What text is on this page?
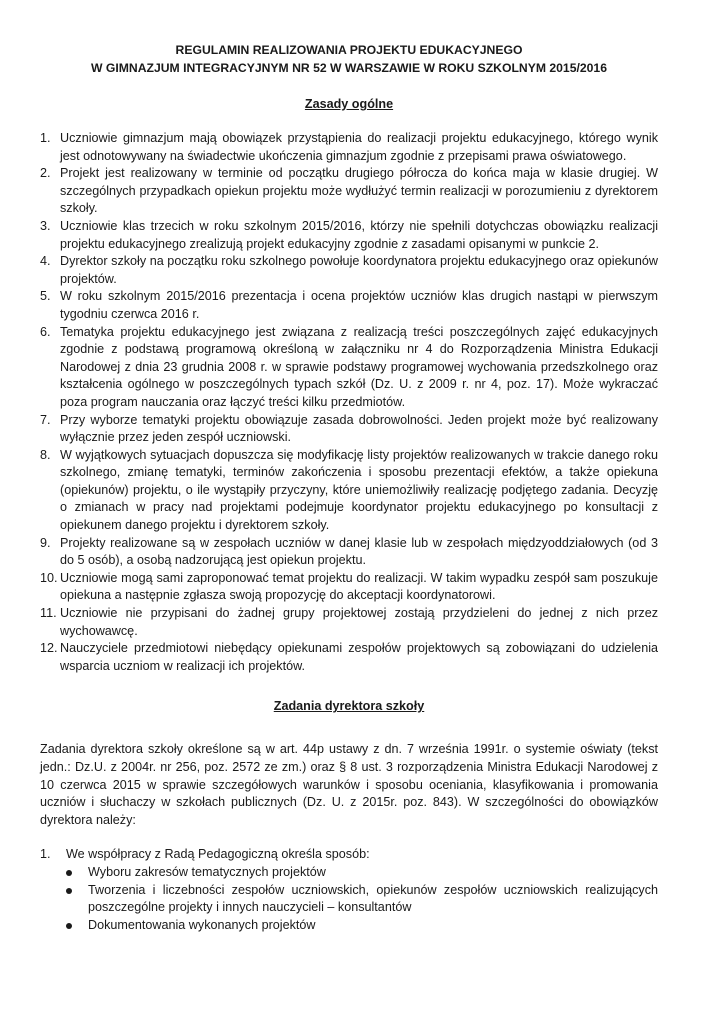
REGULAMIN REALIZOWANIA PROJEKTU EDUKACYJNEGO

W GIMNAZJUM INTEGRACYJNYM NR 52 W WARSZAWIE W ROKU SZKOLNYM 2015/2016

Zasady ogólne

1. Uczniowie gimnazjum mają obowiązek przystąpienia do realizacji projektu edukacyjnego, którego wynik jest odnotowywany na świadectwie ukończenia gimnazjum zgodnie z przepisami prawa oświatowego.
2. Projekt jest realizowany w terminie od początku drugiego półrocza do końca maja w klasie drugiej. W szczególnych przypadkach opiekun projektu może wydłużyć termin realizacji w porozumieniu z dyrektorem szkoły.
3. Uczniowie klas trzecich w roku szkolnym 2015/2016, którzy nie spełnili dotychczas obowiązku realizacji projektu edukacyjnego zrealizują projekt edukacyjny zgodnie z zasadami opisanymi w punkcie 2.
4. Dyrektor szkoły na początku roku szkolnego powołuje koordynatora projektu edukacyjnego oraz opiekunów projektów.
5. W roku szkolnym 2015/2016 prezentacja i ocena projektów uczniów klas drugich nastąpi w pierwszym tygodniu czerwca 2016 r.
6. Tematyka projektu edukacyjnego jest związana z realizacją treści poszczególnych zajęć edukacyjnych zgodnie z podstawą programową określoną w załączniku nr 4 do Rozporządzenia Ministra Edukacji Narodowej z dnia 23 grudnia 2008 r. w sprawie podstawy programowej wychowania przedszkolnego oraz kształcenia ogólnego w poszczególnych typach szkół (Dz. U. z 2009 r. nr 4, poz. 17). Może wykraczać poza program nauczania oraz łączyć treści kilku przedmiotów.
7. Przy wyborze tematyki projektu obowiązuje zasada dobrowolności. Jeden projekt może być realizowany wyłącznie przez jeden zespół uczniowski.
8. W wyjątkowych sytuacjach dopuszcza się modyfikację listy projektów realizowanych w trakcie danego roku szkolnego, zmianę tematyki, terminów zakończenia i sposobu prezentacji efektów, a także opiekuna (opiekunów) projektu, o ile wystąpiły przyczyny, które uniemożliwiły realizację podjętego zadania. Decyzję o zmianach w pracy nad projektami podejmuje koordynator projektu edukacyjnego po konsultacji z opiekunem danego projektu i dyrektorem szkoły.
9. Projekty realizowane są w zespołach uczniów w danej klasie lub w zespołach międzyoddziałowych (od 3 do 5 osób), a osobą nadzorującą jest opiekun projektu.
10. Uczniowie mogą sami zaproponować temat projektu do realizacji. W takim wypadku zespół sam poszukuje opiekuna a następnie zgłasza swoją propozycję do akceptacji koordynatorowi.
11. Uczniowie nie przypisani do żadnej grupy projektowej zostają przydzieleni do jednej z nich przez wychowawcę.
12. Nauczyciele przedmiotowi niebędący opiekunami zespołów projektowych są zobowiązani do udzielenia wsparcia uczniom w realizacji ich projektów.

Zadania dyrektora szkoły

Zadania dyrektora szkoły określone są w art. 44p ustawy z dn. 7 września 1991r. o systemie oświaty (tekst jedn.: Dz.U. z 2004r. nr 256, poz. 2572 ze zm.) oraz § 8 ust. 3 rozporządzenia Ministra Edukacji Narodowej z 10 czerwca 2015 w sprawie szczegółowych warunków i sposobu oceniania, klasyfikowania i promowania uczniów i słuchaczy w szkołach publicznych (Dz. U. z 2015r. poz. 843). W szczególności do obowiązków dyrektora należy:

1. We współpracy z Radą Pedagogiczną określa sposób:

Wyboru zakresów tematycznych projektów
Tworzenia i liczebności zespołów uczniowskich, opiekunów zespołów uczniowskich realizujących poszczególne projekty i innych nauczycieli – konsultantów
Dokumentowania wykonanych projektów
